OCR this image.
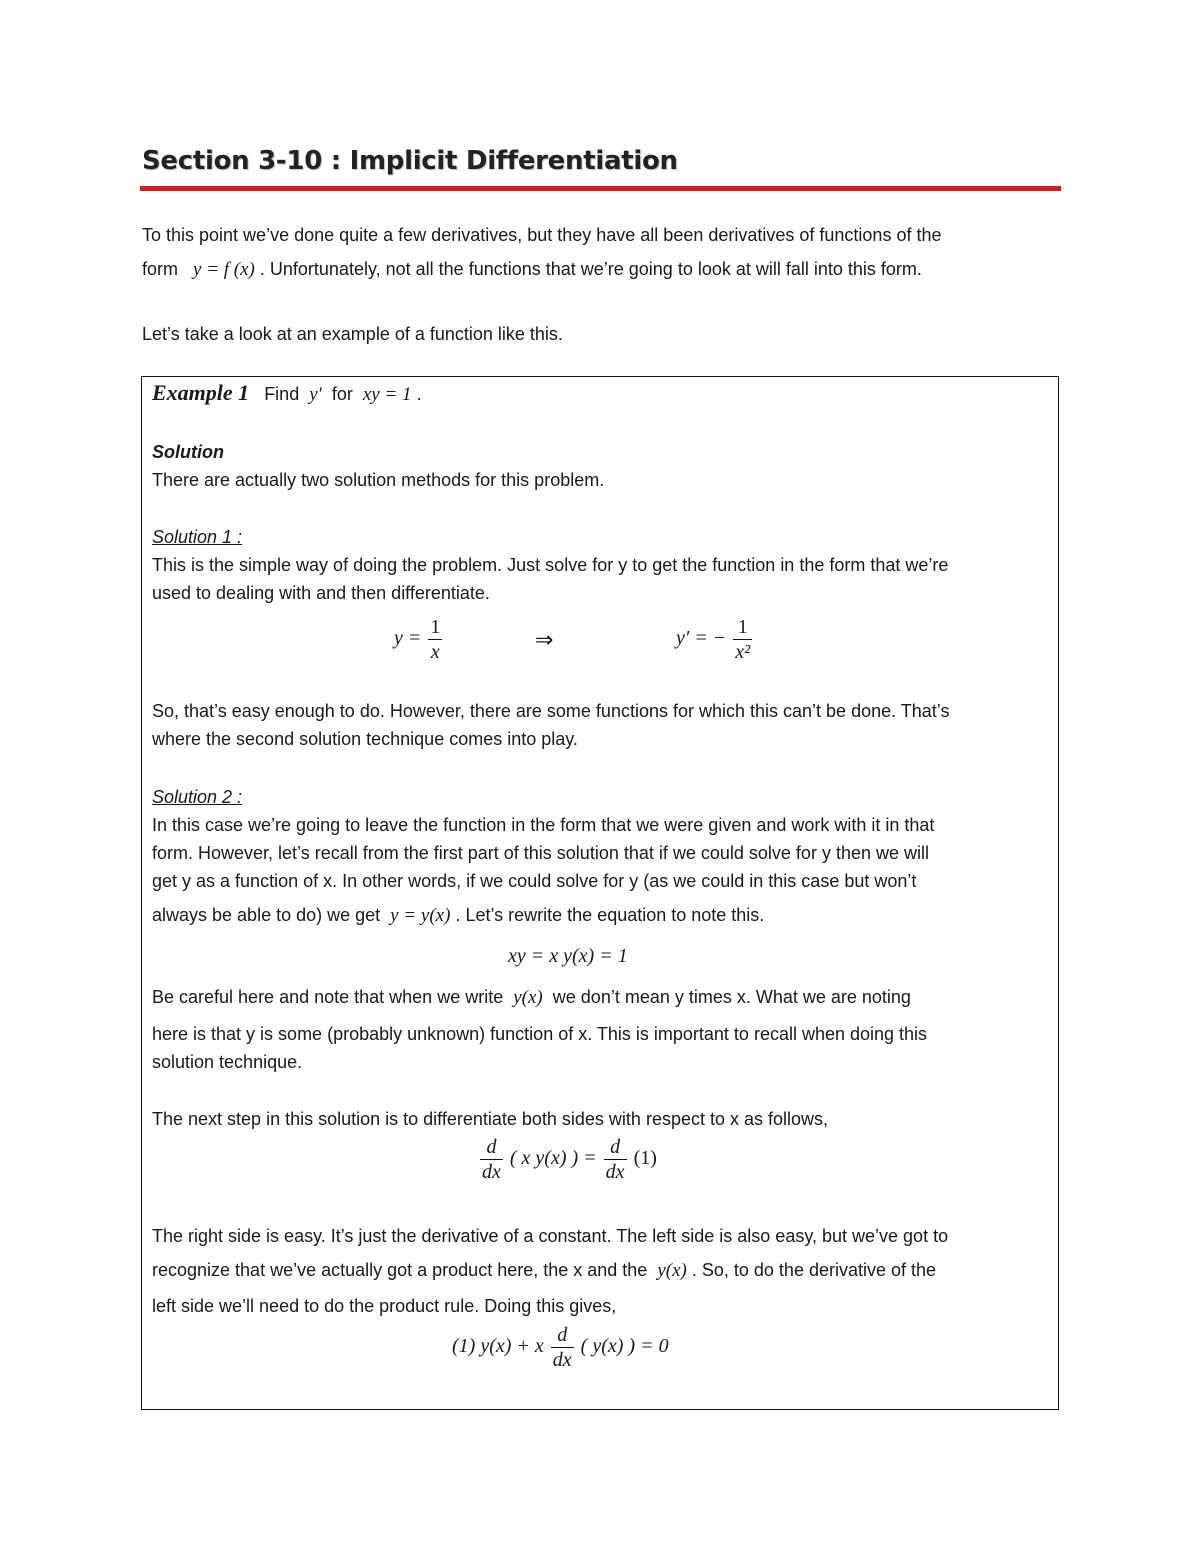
Section 3-10 : Implicit Differentiation
To this point we’ve done quite a few derivatives, but they have all been derivatives of functions of the
form y = f (x) . Unfortunately, not all the functions that we’re going to look at will fall into this form.
Let’s take a look at an example of a function like this.
Example 1 Find y′ for xy = 1 .
Solution
There are actually two solution methods for this problem.
Solution 1 :
This is the simple way of doing the problem. Just solve for y to get the function in the form that we’re
used to dealing with and then differentiate.
$y = \frac{1}{x}$	⇒	y′ = − $\frac{1}{\text{x²}}$
So, that’s easy enough to do. However, there are some functions for which this can’t be done. That’s
where the second solution technique comes into play.
Solution 2 :
In this case we’re going to leave the function in the form that we were given and work with it in that
form. However, let’s recall from the first part of this solution that if we could solve for y then we will
get y as a function of x. In other words, if we could solve for y (as we could in this case but won’t
always be able to do) we get y = y(x) . Let’s rewrite the equation to note this.
xy = x y(x) = 1
Be careful here and note that when we write y(x) we don’t mean y times x. What we are noting
here is that y is some (probably unknown) function of x. This is important to recall when doing this
solution technique.
The next step in this solution is to differentiate both sides with respect to x as follows,
$\frac{d}{dx}$ ( x y(x) ) = $\frac{d}{dx} (1)$
The right side is easy. It’s just the derivative of a constant. The left side is also easy, but we’ve got to
recognize that we’ve actually got a product here, the x and the y(x) . So, to do the derivative of the
left side we’ll need to do the product rule. Doing this gives,
(1) y(x) + x $\frac{d}{dx}$ ( y(x) ) = 0
